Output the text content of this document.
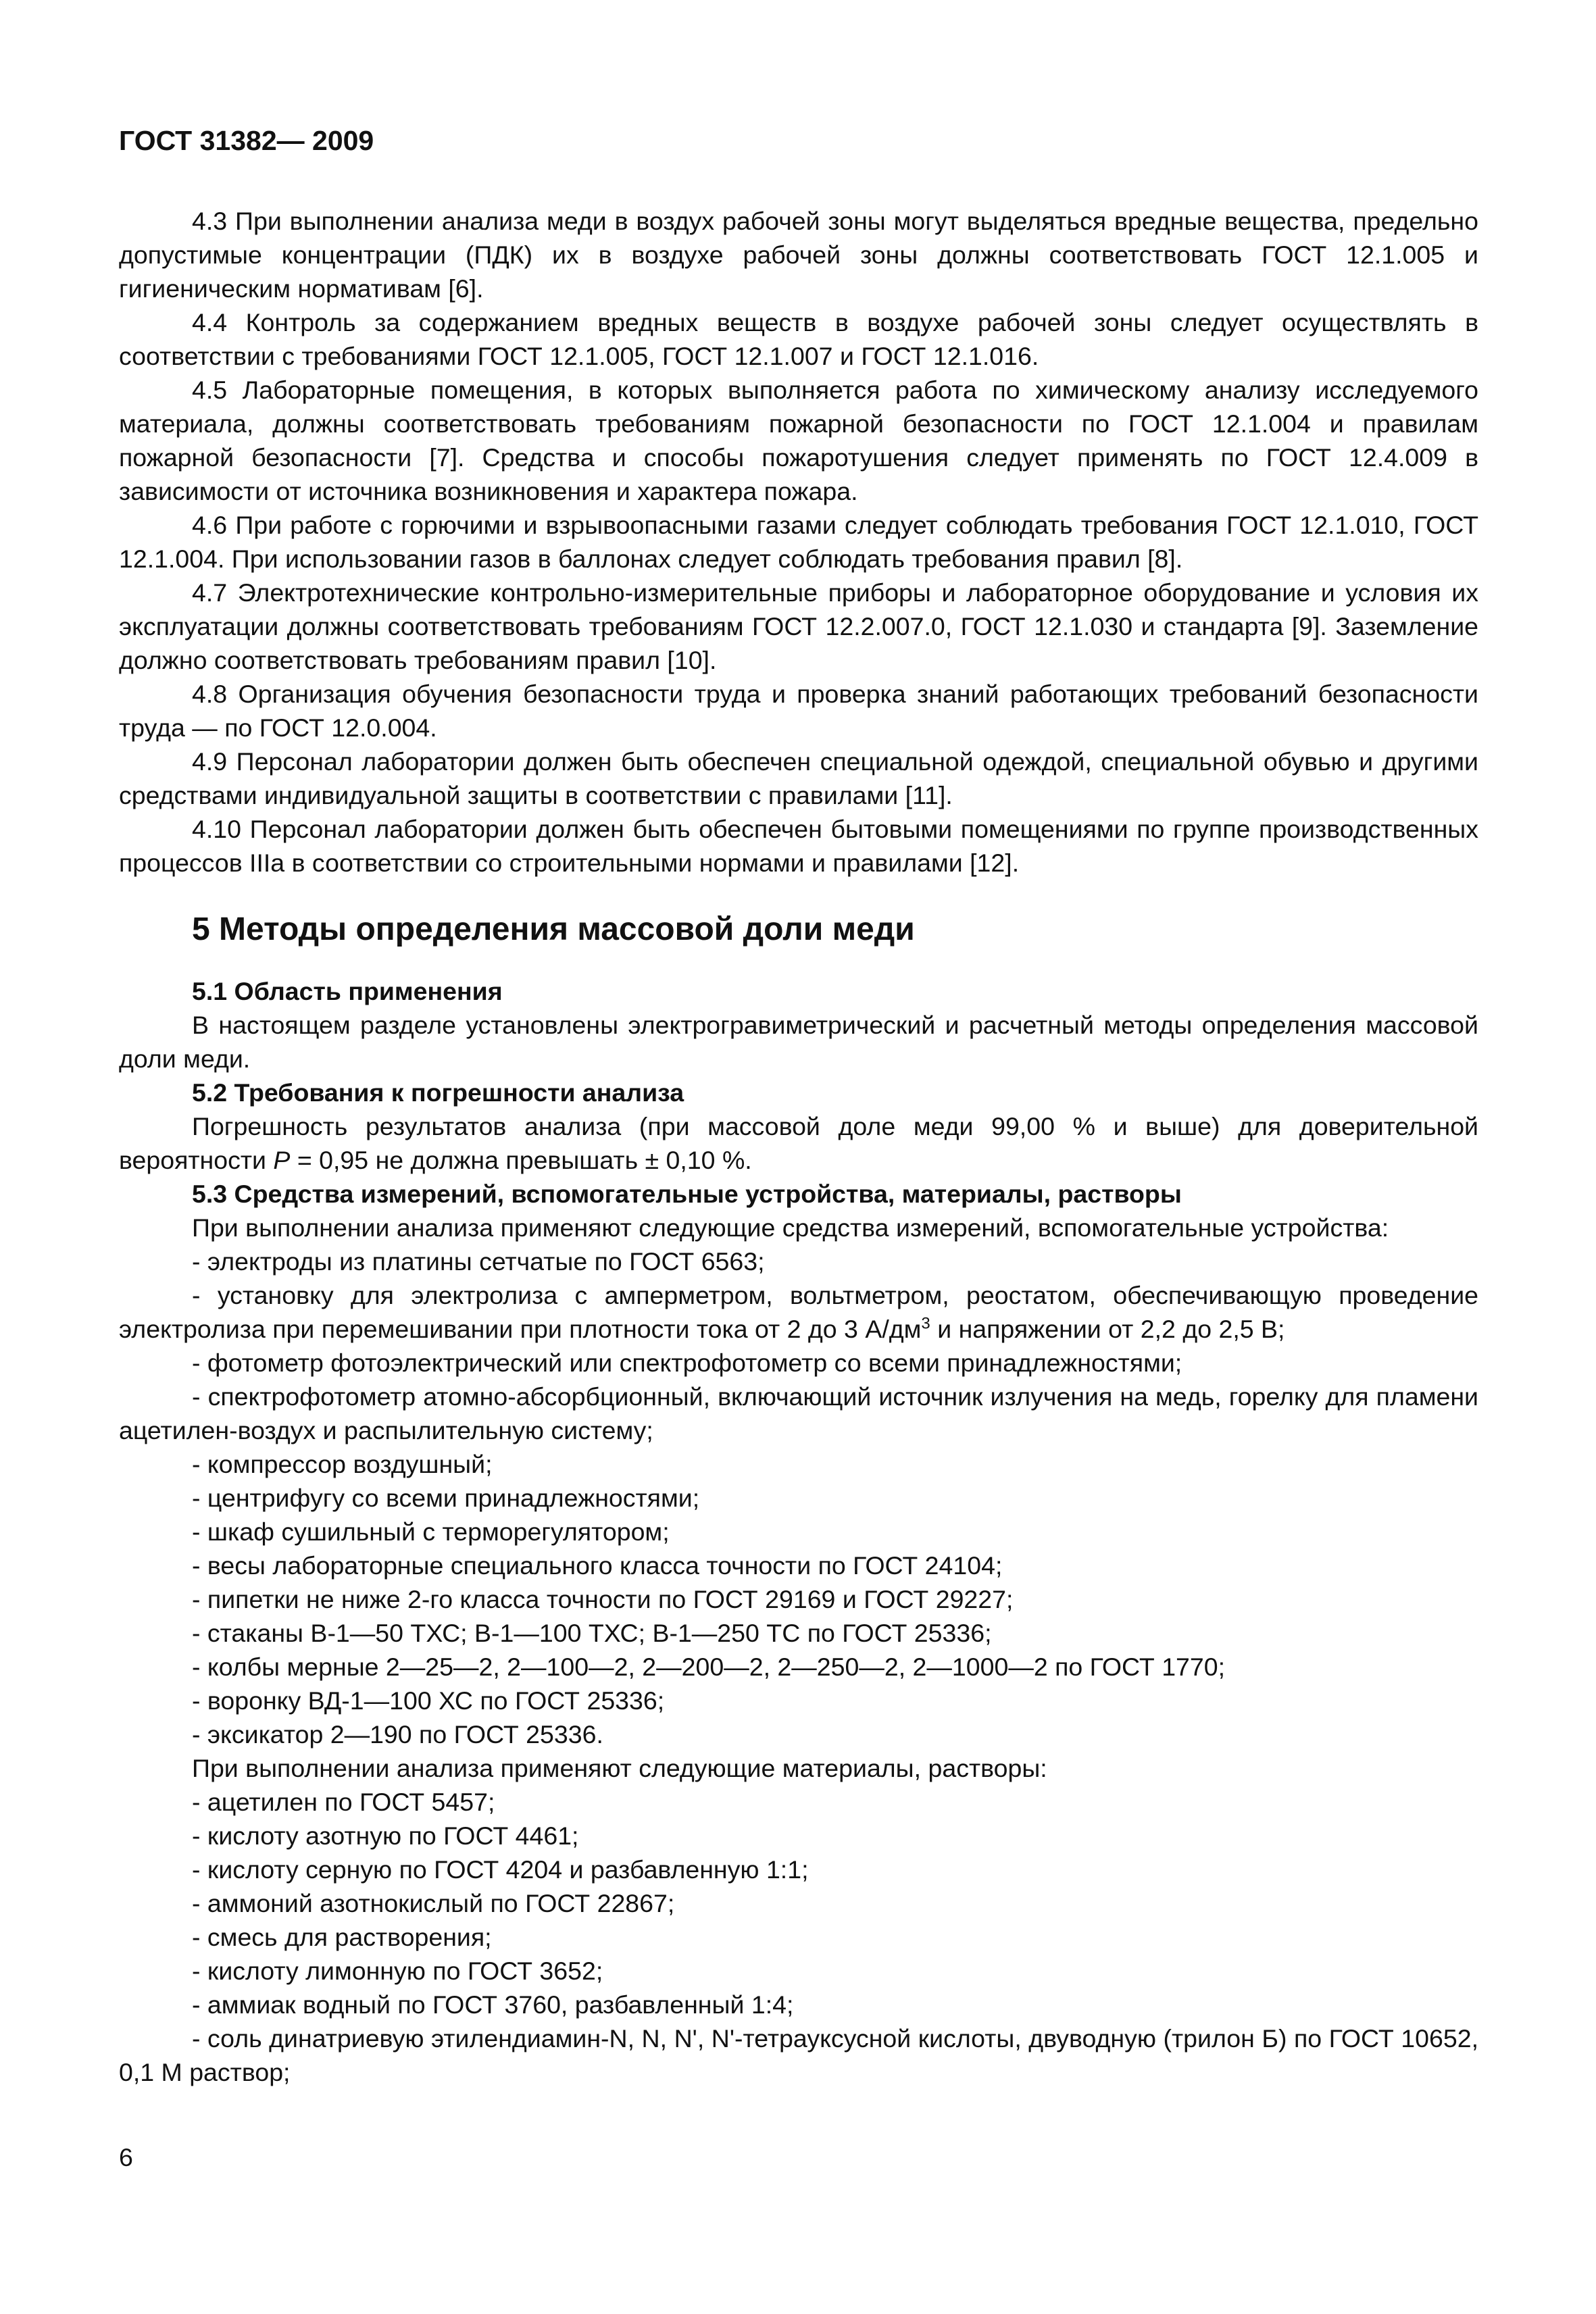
ГОСТ 31382— 2009

4.3 При выполнении анализа меди в воздух рабочей зоны могут выделяться вредные вещества, предельно допустимые концентрации (ПДК) их в воздухе рабочей зоны должны соответствовать ГОСТ 12.1.005 и гигиеническим нормативам [6].

4.4 Контроль за содержанием вредных веществ в воздухе рабочей зоны следует осуществлять в соответствии с требованиями ГОСТ 12.1.005, ГОСТ 12.1.007 и ГОСТ 12.1.016.

4.5 Лабораторные помещения, в которых выполняется работа по химическому анализу исследуемого материала, должны соответствовать требованиям пожарной безопасности по ГОСТ 12.1.004 и правилам пожарной безопасности [7]. Средства и способы пожаротушения следует применять по ГОСТ 12.4.009 в зависимости от источника возникновения и характера пожара.

4.6 При работе с горючими и взрывоопасными газами следует соблюдать требования ГОСТ 12.1.010, ГОСТ 12.1.004. При использовании газов в баллонах следует соблюдать требования правил [8].

4.7 Электротехнические контрольно-измерительные приборы и лабораторное оборудование и условия их эксплуатации должны соответствовать требованиям ГОСТ 12.2.007.0, ГОСТ 12.1.030 и стандарта [9]. Заземление должно соответствовать требованиям правил [10].

4.8 Организация обучения безопасности труда и проверка знаний работающих требований безопасности труда — по ГОСТ 12.0.004.

4.9 Персонал лаборатории должен быть обеспечен специальной одеждой, специальной обувью и другими средствами индивидуальной защиты в соответствии с правилами [11].

4.10 Персонал лаборатории должен быть обеспечен бытовыми помещениями по группе производственных процессов IIIа в соответствии со строительными нормами и правилами [12].

5 Методы определения массовой доли меди

5.1 Область применения

В настоящем разделе установлены электрогравиметрический и расчетный методы определения массовой доли меди.

5.2 Требования к погрешности анализа

Погрешность результатов анализа (при массовой доле меди 99,00 % и выше) для доверительной вероятности P = 0,95 не должна превышать ± 0,10 %.

5.3 Средства измерений, вспомогательные устройства, материалы, растворы

При выполнении анализа применяют следующие средства измерений, вспомогательные устройства:

- электроды из платины сетчатые по ГОСТ 6563;

- установку для электролиза с амперметром, вольтметром, реостатом, обеспечивающую проведение электролиза при перемешивании при плотности тока от 2 до 3 $А/дм^3$ и напряжении от 2,2 до 2,5 В;

- фотометр фотоэлектрический или спектрофотометр со всеми принадлежностями;

- спектрофотометр атомно-абсорбционный, включающий источник излучения на медь, горелку для пламени ацетилен-воздух и распылительную систему;

- компрессор воздушный;

- центрифугу со всеми принадлежностями;

- шкаф сушильный с терморегулятором;

- весы лабораторные специального класса точности по ГОСТ 24104;

- пипетки не ниже 2-го класса точности по ГОСТ 29169 и ГОСТ 29227;

- стаканы В-1—50 ТХС; В-1—100 ТХС; В-1—250 ТС по ГОСТ 25336;

- колбы мерные 2—25—2, 2—100—2, 2—200—2, 2—250—2, 2—1000—2 по ГОСТ 1770;

- воронку ВД-1—100 ХС по ГОСТ 25336;

- эксикатор 2—190 по ГОСТ 25336.

При выполнении анализа применяют следующие материалы, растворы:

- ацетилен по ГОСТ 5457;

- кислоту азотную по ГОСТ 4461;

- кислоту серную по ГОСТ 4204 и разбавленную 1:1;

- аммоний азотнокислый по ГОСТ 22867;

- смесь для растворения;

- кислоту лимонную по ГОСТ 3652;

- аммиак водный по ГОСТ 3760, разбавленный 1:4;

- соль динатриевую этилендиамин-N, N, N', N'-тетрауксусной кислоты, двуводную (трилон Б) по ГОСТ 10652, 0,1 М раствор;

6
